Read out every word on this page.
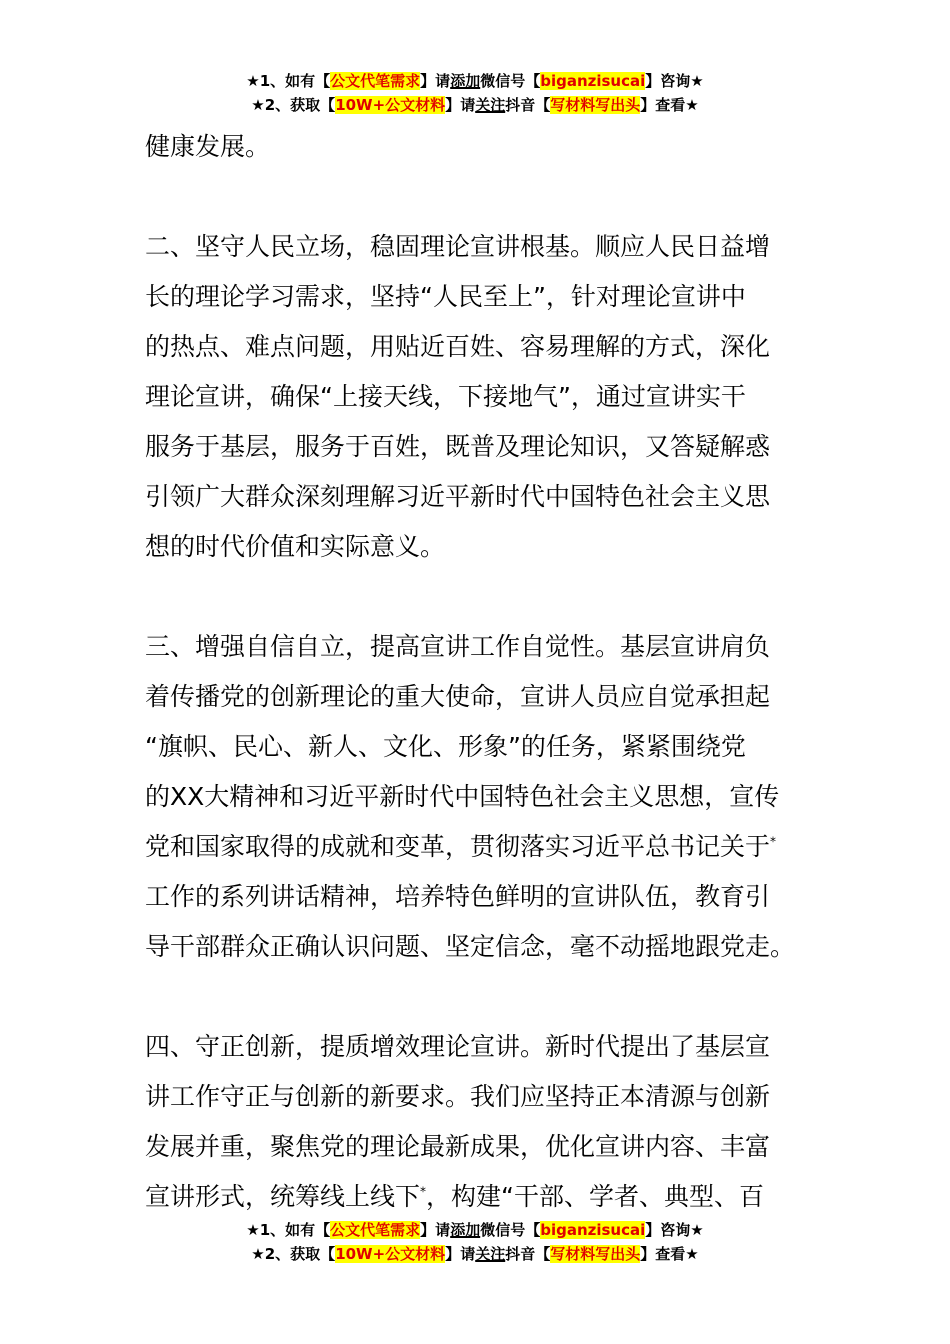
★1、如有【公文代笔需求】请添加微信号【biganzisucai】咨询★
★2、获取【10W+公文材料】请关注抖音【写材料写出头】查看★
健康发展。
二、坚守人民立场，稳固理论宣讲根基。顺应人民日益增
长的理论学习需求，坚持“人民至上”，针对理论宣讲中
的热点、难点问题，用贴近百姓、容易理解的方式，深化
理论宣讲，确保“上接天线，下接地气”，通过宣讲实干
服务于基层，服务于百姓，既普及理论知识，又答疑解惑
引领广大群众深刻理解习近平新时代中国特色社会主义思
想的时代价值和实际意义。
三、增强自信自立，提高宣讲工作自觉性。基层宣讲肩负
着传播党的创新理论的重大使命，宣讲人员应自觉承担起
“旗帜、民心、新人、文化、形象”的任务，紧紧围绕党
的XX大精神和习近平新时代中国特色社会主义思想，宣传
党和国家取得的成就和变革，贯彻落实习近平总书记关于*
工作的系列讲话精神，培养特色鲜明的宣讲队伍，教育引
导干部群众正确认识问题、坚定信念，毫不动摇地跟党走。
四、守正创新，提质增效理论宣讲。新时代提出了基层宣
讲工作守正与创新的新要求。我们应坚持正本清源与创新
发展并重，聚焦党的理论最新成果，优化宣讲内容、丰富
宣讲形式，统筹线上线下*，构建“干部、学者、典型、百
★1、如有【公文代笔需求】请添加微信号【biganzisucai】咨询★
★2、获取【10W+公文材料】请关注抖音【写材料写出头】查看★
